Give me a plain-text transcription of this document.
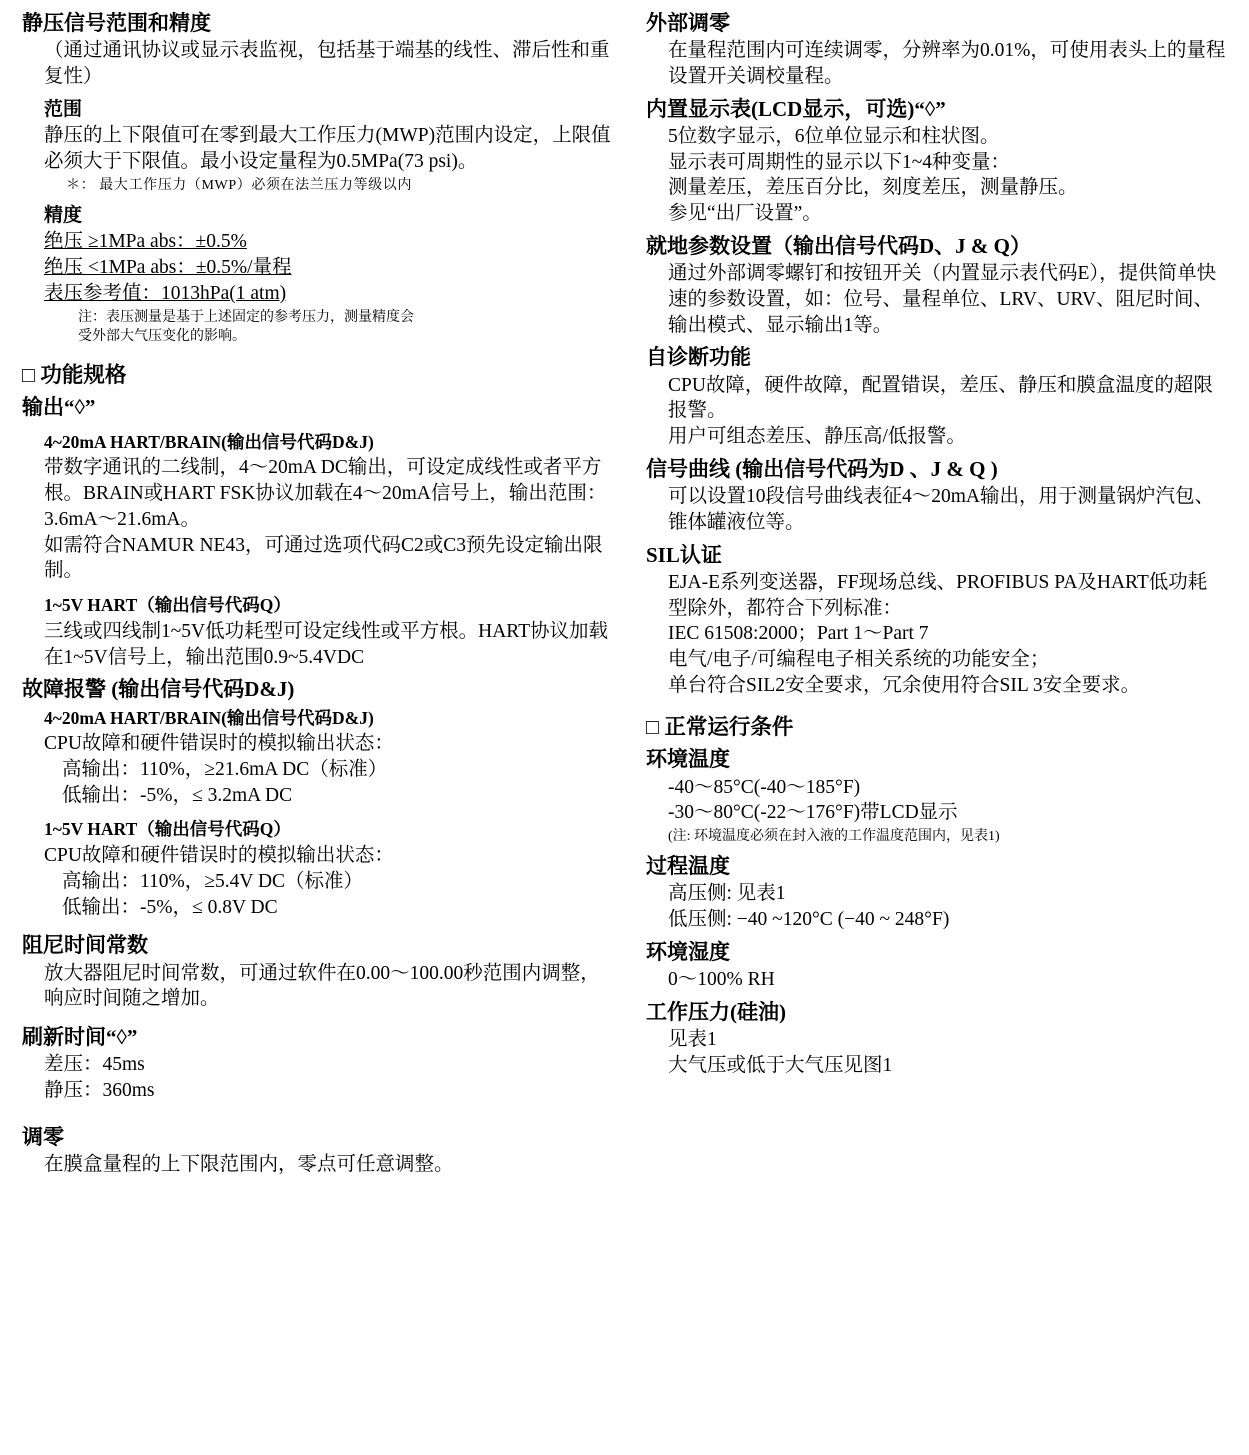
静压信号范围和精度
（通过通讯协议或显示表监视，包括基于端基的线性、滞后性和重复性）
范围
静压的上下限值可在零到最大工作压力(MWP)范围内设定，上限值必须大于下限值。最小设定量程为0.5MPa(73 psi)。
＊： 最大工作压力（MWP）必须在法兰压力等级以内
精度
绝压 ≥1MPa abs：±0.5%
绝压 <1MPa abs：±0.5%/量程
表压参考值：1013hPa(1 atm)
注：表压测量是基于上述固定的参考压力，测量精度会
受外部大气压变化的影响。
□ 功能规格
输出“◊”
4~20mA HART/BRAIN(输出信号代码D&J)
带数字通讯的二线制，4～20mA DC输出，可设定成线性或者平方根。BRAIN或HART FSK协议加载在4～20mA信号上，输出范围：3.6mA～21.6mA。
如需符合NAMUR NE43，可通过选项代码C2或C3预先设定输出限制。
1~5V HART（输出信号代码Q）
三线或四线制1~5V低功耗型可设定线性或平方根。HART协议加载在1~5V信号上，输出范围0.9~5.4VDC
故障报警 (输出信号代码D&J)
4~20mA HART/BRAIN(输出信号代码D&J)
CPU故障和硬件错误时的模拟输出状态：
高输出：110%，≥21.6mA DC（标准）
低输出：-5%，≤ 3.2mA DC
1~5V HART（输出信号代码Q）
CPU故障和硬件错误时的模拟输出状态：
高输出：110%，≥5.4V DC（标准）
低输出：-5%，≤ 0.8V DC
阻尼时间常数
放大器阻尼时间常数，可通过软件在0.00～100.00秒范围内调整，响应时间随之增加。
刷新时间“◊”
差压：45ms
静压：360ms
调零
在膜盒量程的上下限范围内，零点可任意调整。
外部调零
在量程范围内可连续调零，分辨率为0.01%，可使用表头上的量程设置开关调校量程。
内置显示表(LCD显示，可选)“◊”
5位数字显示，6位单位显示和柱状图。
显示表可周期性的显示以下1~4种变量：
测量差压，差压百分比，刻度差压，测量静压。
参见“出厂设置”。
就地参数设置（输出信号代码D、J & Q）
通过外部调零螺钉和按钮开关（内置显示表代码E），提供简单快速的参数设置，如：位号、量程单位、LRV、URV、阻尼时间、输出模式、显示输出1等。
自诊断功能
CPU故障，硬件故障，配置错误，差压、静压和膜盒温度的超限报警。
用户可组态差压、静压高/低报警。
信号曲线 (输出信号代码为D 、J & Q )
可以设置10段信号曲线表征4～20mA输出，用于测量锅炉汽包、锥体罐液位等。
SIL认证
EJA-E系列变送器，FF现场总线、PROFIBUS PA及HART低功耗型除外，都符合下列标准：
IEC 61508:2000；Part 1～Part 7
电气/电子/可编程电子相关系统的功能安全；
单台符合SIL2安全要求，冗余使用符合SIL 3安全要求。
□ 正常运行条件
环境温度
-40～85°C(-40～185°F)
-30～80°C(-22～176°F)带LCD显示
(注: 环境温度必须在封入液的工作温度范围内，见表1)
过程温度
高压侧: 见表1
低压侧: −40 ~120°C (−40 ~ 248°F)
环境湿度
0～100% RH
工作压力(硅油)
见表1
大气压或低于大气压见图1
